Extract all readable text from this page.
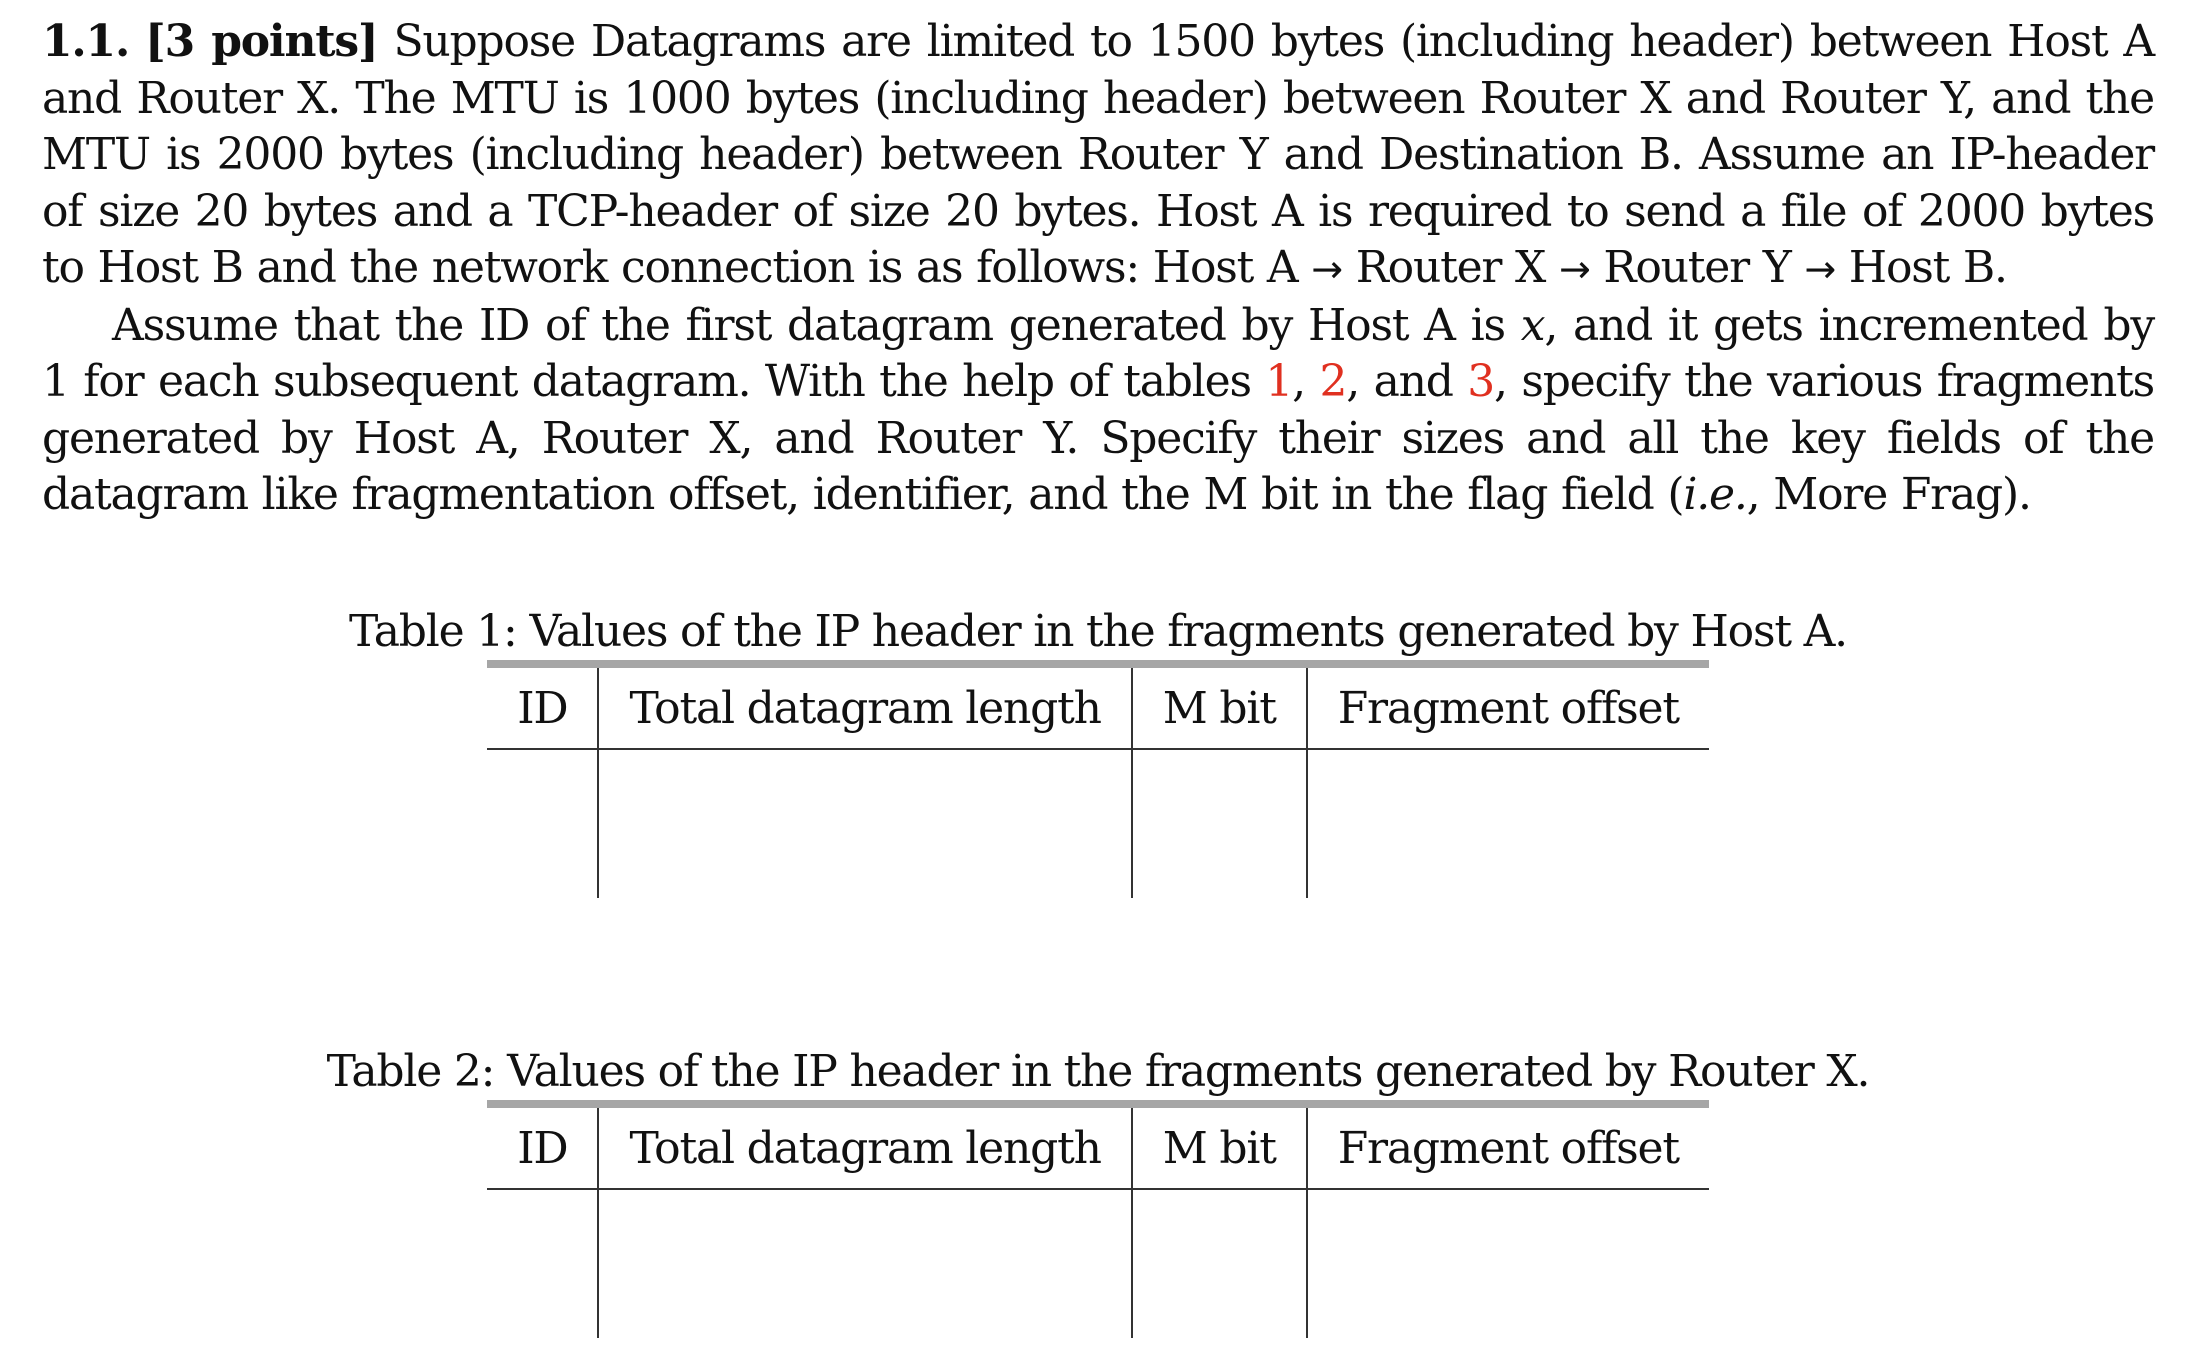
1.1. [3 points] Suppose Datagrams are limited to 1500 bytes (including header) between Host A and Router X. The MTU is 1000 bytes (including header) between Router X and Router Y, and the MTU is 2000 bytes (including header) between Router Y and Destination B. Assume an IP-header of size 20 bytes and a TCP-header of size 20 bytes. Host A is required to send a file of 2000 bytes to Host B and the network connection is as follows: Host A → Router X → Router Y → Host B.

Assume that the ID of the first datagram generated by Host A is x, and it gets incremented by 1 for each subsequent datagram. With the help of tables 1, 2, and 3, specify the various fragments generated by Host A, Router X, and Router Y. Specify their sizes and all the key fields of the datagram like fragmentation offset, identifier, and the M bit in the flag field (i.e., More Frag).

Table 1: Values of the IP header in the fragments generated by Host A.

ID	Total datagram length	M bit	Fragment offset

Table 2: Values of the IP header in the fragments generated by Router X.

ID	Total datagram length	M bit	Fragment offset
